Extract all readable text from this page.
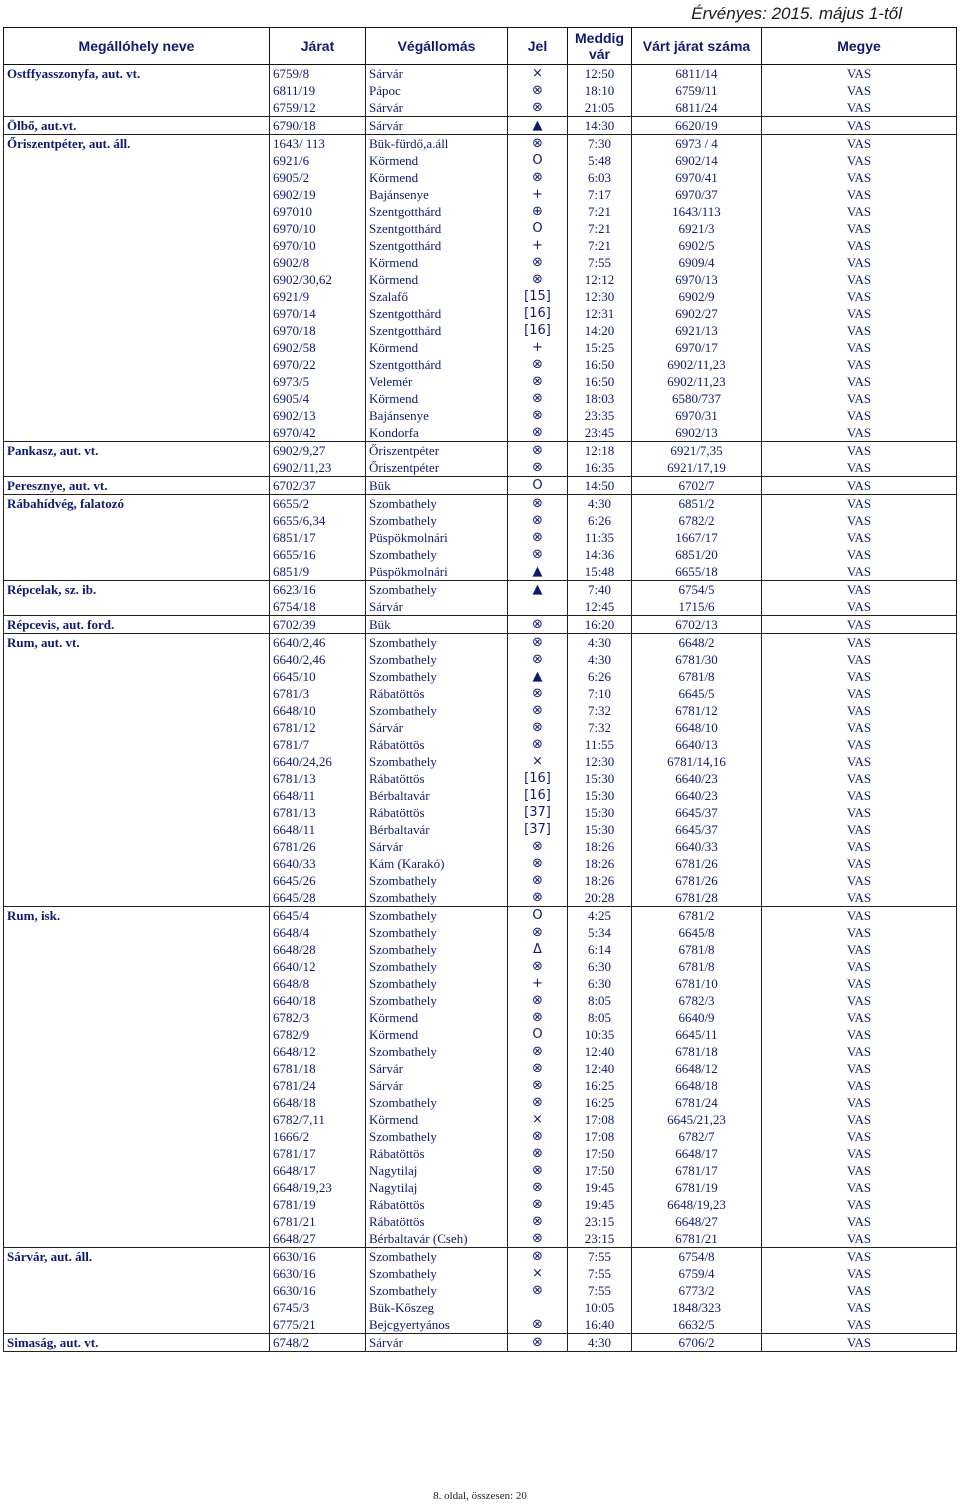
Érvényes: 2015. május 1-től
Megállóhely neve	Járat	Végállomás	Jel	Meddig
vár	Várt járat száma	Megye
Ostffyasszonyfa, aut. vt.	6759/8	Sárvár	×	12:50	6811/14	VAS
	6811/19	Pápoc	⊗	18:10	6759/11	VAS
	6759/12	Sárvár	⊗	21:05	6811/24	VAS
Ölbő, aut.vt.	6790/18	Sárvár	▲	14:30	6620/19	VAS
Őriszentpéter, aut. áll.	1643/ 113	Bük-fürdő,a.áll	⊗	7:30	6973 / 4	VAS
	6921/6	Körmend	O	5:48	6902/14	VAS
	6905/2	Körmend	⊗	6:03	6970/41	VAS
	6902/19	Bajánsenye	+	7:17	6970/37	VAS
	697010	Szentgotthárd	⊕	7:21	1643/113	VAS
	6970/10	Szentgotthárd	O	7:21	6921/3	VAS
	6970/10	Szentgotthárd	+	7:21	6902/5	VAS
	6902/8	Körmend	⊗	7:55	6909/4	VAS
	6902/30,62	Körmend	⊗	12:12	6970/13	VAS
	6921/9	Szalafő	[15]	12:30	6902/9	VAS
	6970/14	Szentgotthárd	[16]	12:31	6902/27	VAS
	6970/18	Szentgotthárd	[16]	14:20	6921/13	VAS
	6902/58	Körmend	+	15:25	6970/17	VAS
	6970/22	Szentgotthárd	⊗	16:50	6902/11,23	VAS
	6973/5	Velemér	⊗	16:50	6902/11,23	VAS
	6905/4	Körmend	⊗	18:03	6580/737	VAS
	6902/13	Bajánsenye	⊗	23:35	6970/31	VAS
	6970/42	Kondorfa	⊗	23:45	6902/13	VAS
Pankasz, aut. vt.	6902/9,27	Őriszentpéter	⊗	12:18	6921/7,35	VAS
	6902/11,23	Őriszentpéter	⊗	16:35	6921/17,19	VAS
Peresznye, aut. vt.	6702/37	Bük	O	14:50	6702/7	VAS
Rábahídvég, falatozó	6655/2	Szombathely	⊗	4:30	6851/2	VAS
	6655/6,34	Szombathely	⊗	6:26	6782/2	VAS
	6851/17	Püspökmolnári	⊗	11:35	1667/17	VAS
	6655/16	Szombathely	⊗	14:36	6851/20	VAS
	6851/9	Püspökmolnári	▲	15:48	6655/18	VAS
Répcelak, sz. ib.	6623/16	Szombathely	▲	7:40	6754/5	VAS
	6754/18	Sárvár		12:45	1715/6	VAS
Répcevis, aut. ford.	6702/39	Bük	⊗	16:20	6702/13	VAS
Rum, aut. vt.	6640/2,46	Szombathely	⊗	4:30	6648/2	VAS
	6640/2,46	Szombathely	⊗	4:30	6781/30	VAS
	6645/10	Szombathely	▲	6:26	6781/8	VAS
	6781/3	Rábatöttös	⊗	7:10	6645/5	VAS
	6648/10	Szombathely	⊗	7:32	6781/12	VAS
	6781/12	Sárvár	⊗	7:32	6648/10	VAS
	6781/7	Rábatöttös	⊗	11:55	6640/13	VAS
	6640/24,26	Szombathely	×	12:30	6781/14,16	VAS
	6781/13	Rábatöttös	[16]	15:30	6640/23	VAS
	6648/11	Bérbaltavár	[16]	15:30	6640/23	VAS
	6781/13	Rábatöttös	[37]	15:30	6645/37	VAS
	6648/11	Bérbaltavár	[37]	15:30	6645/37	VAS
	6781/26	Sárvár	⊗	18:26	6640/33	VAS
	6640/33	Kám (Karakó)	⊗	18:26	6781/26	VAS
	6645/26	Szombathely	⊗	18:26	6781/26	VAS
	6645/28	Szombathely	⊗	20:28	6781/28	VAS
Rum, isk.	6645/4	Szombathely	O	4:25	6781/2	VAS
	6648/4	Szombathely	⊗	5:34	6645/8	VAS
	6648/28	Szombathely	Δ	6:14	6781/8	VAS
	6640/12	Szombathely	⊗	6:30	6781/8	VAS
	6648/8	Szombathely	+	6:30	6781/10	VAS
	6640/18	Szombathely	⊗	8:05	6782/3	VAS
	6782/3	Körmend	⊗	8:05	6640/9	VAS
	6782/9	Körmend	O	10:35	6645/11	VAS
	6648/12	Szombathely	⊗	12:40	6781/18	VAS
	6781/18	Sárvár	⊗	12:40	6648/12	VAS
	6781/24	Sárvár	⊗	16:25	6648/18	VAS
	6648/18	Szombathely	⊗	16:25	6781/24	VAS
	6782/7,11	Körmend	×	17:08	6645/21,23	VAS
	1666/2	Szombathely	⊗	17:08	6782/7	VAS
	6781/17	Rábatöttös	⊗	17:50	6648/17	VAS
	6648/17	Nagytilaj	⊗	17:50	6781/17	VAS
	6648/19,23	Nagytilaj	⊗	19:45	6781/19	VAS
	6781/19	Rábatöttös	⊗	19:45	6648/19,23	VAS
	6781/21	Rábatöttös	⊗	23:15	6648/27	VAS
	6648/27	Bérbaltavár (Cseh)	⊗	23:15	6781/21	VAS
Sárvár, aut. áll.	6630/16	Szombathely	⊗	7:55	6754/8	VAS
	6630/16	Szombathely	×	7:55	6759/4	VAS
	6630/16	Szombathely	⊗	7:55	6773/2	VAS
	6745/3	Bük-Kőszeg		10:05	1848/323	VAS
	6775/21	Bejcgyertyános	⊗	16:40	6632/5	VAS
Simaság, aut. vt.	6748/2	Sárvár	⊗	4:30	6706/2	VAS
8. oldal, összesen: 20
